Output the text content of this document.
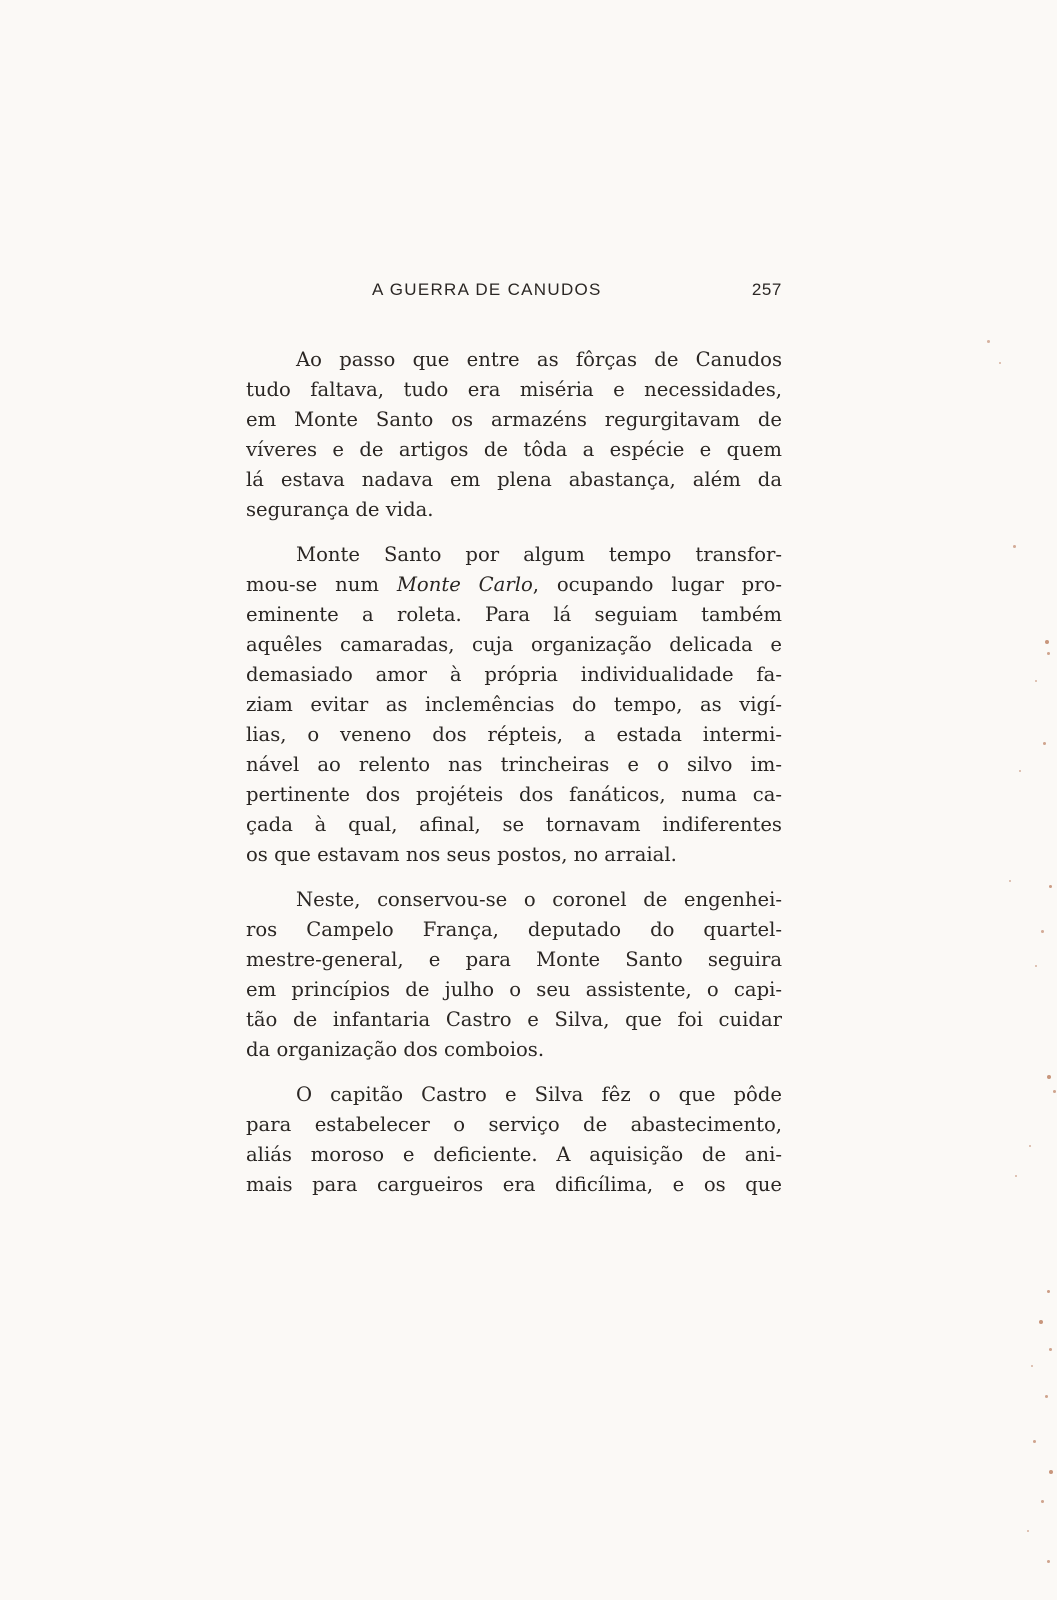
A GUERRA DE CANUDOS	257
Ao passo que entre as fôrças de Canudos
tudo faltava, tudo era miséria e necessidades,
em Monte Santo os armazéns regurgitavam de
víveres e de artigos de tôda a espécie e quem
lá estava nadava em plena abastança, além da
segurança de vida.
Monte Santo por algum tempo transfor-
mou-se num Monte Carlo, ocupando lugar pro-
eminente a roleta. Para lá seguiam também
aquêles camaradas, cuja organização delicada e
demasiado amor à própria individualidade fa-
ziam evitar as inclemências do tempo, as vigí-
lias, o veneno dos répteis, a estada intermi-
nável ao relento nas trincheiras e o silvo im-
pertinente dos projéteis dos fanáticos, numa ca-
çada à qual, afinal, se tornavam indiferentes
os que estavam nos seus postos, no arraial.
Neste, conservou-se o coronel de engenhei-
ros Campelo França, deputado do quartel-
mestre-general, e para Monte Santo seguira
em princípios de julho o seu assistente, o capi-
tão de infantaria Castro e Silva, que foi cuidar
da organização dos comboios.
O capitão Castro e Silva fêz o que pôde
para estabelecer o serviço de abastecimento,
aliás moroso e deficiente. A aquisição de ani-
mais para cargueiros era dificílima, e os que
